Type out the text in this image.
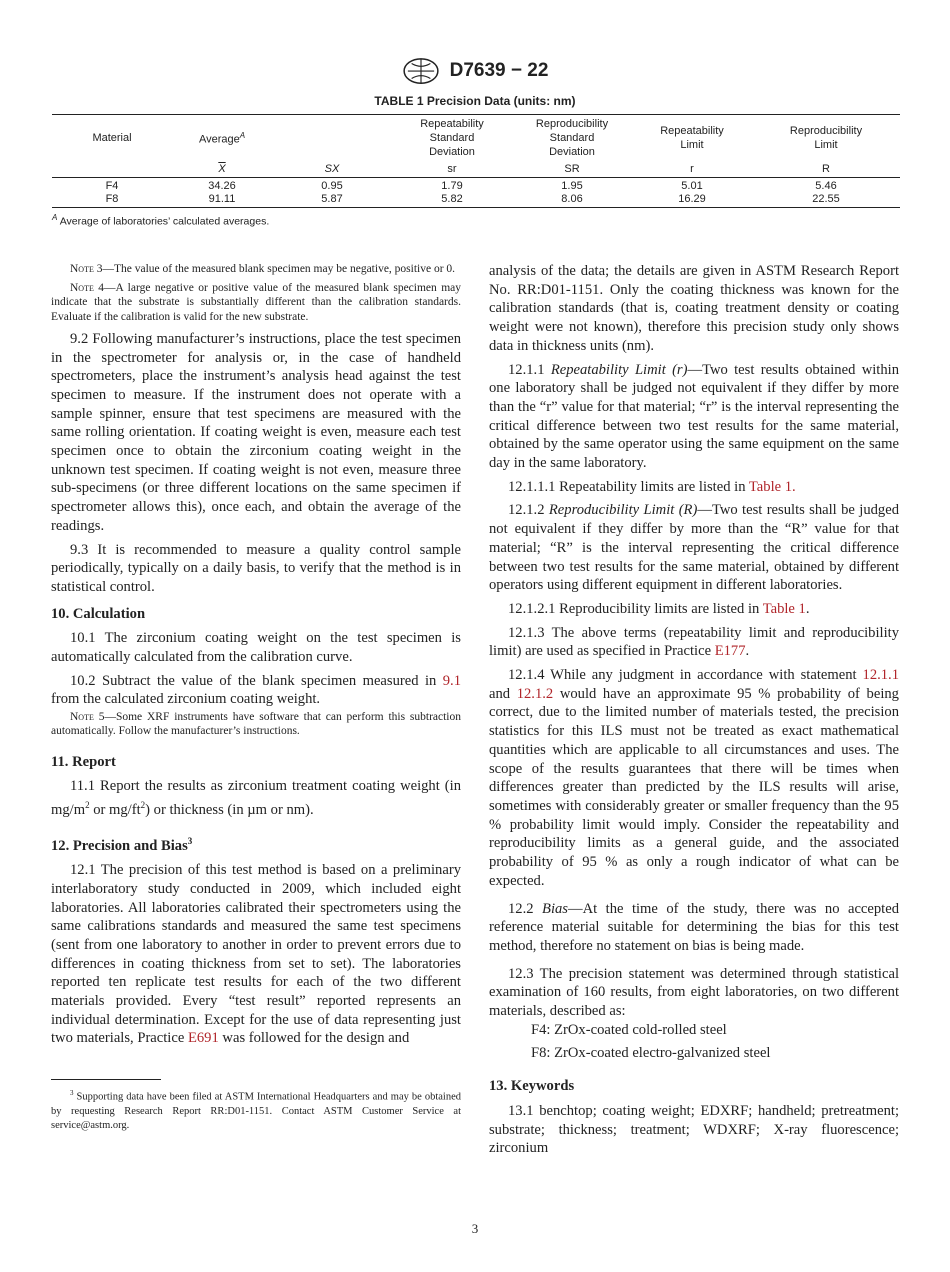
D7639 − 22
TABLE 1 Precision Data (units: nm)
Material	Average$^A$		Repeatability Standard Deviation	Reproducibility Standard Deviation	Repeatability Limit	Reproducibility Limit

	$\overline{X}$	SX	sr	SR	r	R
F4	34.26	0.95	1.79	1.95	5.01	5.46
F8	91.11	5.87	5.82	8.06	16.29	22.55
$^A$ Average of laboratories’ calculated averages.

Note 3—The value of the measured blank specimen may be negative, positive or 0.

Note 4—A large negative or positive value of the measured blank specimen may indicate that the substrate is substantially different than the calibration standards. Evaluate if the calibration is valid for the new substrate.

9.2 Following manufacturer’s instructions, place the test specimen in the spectrometer for analysis or, in the case of handheld spectrometers, place the instrument’s analysis head against the test specimen to measure. If the instrument does not operate with a sample spinner, ensure that test specimens are measured with the same rolling orientation. If coating weight is even, measure each test specimen once to obtain the zirconium coating weight in the unknown test specimen. If coating weight is not even, measure three sub-specimens (or three different locations on the same specimen if spectrometer allows this), once each, and obtain the average of the readings.

9.3 It is recommended to measure a quality control sample periodically, typically on a daily basis, to verify that the method is in statistical control.

10. Calculation

10.1 The zirconium coating weight on the test specimen is automatically calculated from the calibration curve.

10.2 Subtract the value of the blank specimen measured in 9.1 from the calculated zirconium coating weight.

Note 5—Some XRF instruments have software that can perform this subtraction automatically. Follow the manufacturer’s instructions.

11. Report

11.1 Report the results as zirconium treatment coating weight (in $mg/m^2$ or $mg/ft^2$) or thickness (in µm or nm).

12. Precision and Bias$^3$

12.1 The precision of this test method is based on a preliminary interlaboratory study conducted in 2009, which included eight laboratories. All laboratories calibrated their spectrometers using the same calibrations standards and measured the same test specimens (sent from one laboratory to another in order to prevent errors due to differences in coating thickness from set to set). The laboratories reported ten replicate test results for each of the two different materials provided. Every “test result” reported represents an individual determination. Except for the use of data representing just two materials, Practice E691 was followed for the design and

$^3$ Supporting data have been filed at ASTM International Headquarters and may be obtained by requesting Research Report RR:D01-1151. Contact ASTM Customer Service at service@astm.org.

analysis of the data; the details are given in ASTM Research Report No. RR:D01-1151. Only the coating thickness was known for the calibration standards (that is, coating treatment density or coating weight were not known), therefore this precision study only shows data in thickness units (nm).

12.1.1 Repeatability Limit (r)—Two test results obtained within one laboratory shall be judged not equivalent if they differ by more than the “r” value for that material; “r” is the interval representing the critical difference between two test results for the same material, obtained by the same operator using the same equipment on the same day in the same laboratory.

12.1.1.1 Repeatability limits are listed in Table 1.

12.1.2 Reproducibility Limit (R)—Two test results shall be judged not equivalent if they differ by more than the “R” value for that material; “R” is the interval representing the critical difference between two test results for the same material, obtained by different operators using different equipment in different laboratories.

12.1.2.1 Reproducibility limits are listed in Table 1.

12.1.3 The above terms (repeatability limit and reproducibility limit) are used as specified in Practice E177.

12.1.4 While any judgment in accordance with statement 12.1.1 and 12.1.2 would have an approximate 95 % probability of being correct, due to the limited number of materials tested, the precision statistics for this ILS must not be treated as exact mathematical quantities which are applicable to all circumstances and uses. The scope of the results guarantees that there will be times when differences greater than predicted by the ILS results will arise, sometimes with considerably greater or smaller frequency than the 95 % probability limit would imply. Consider the repeatability and reproducibility limits as a general guide, and the associated probability of 95 % as only a rough indicator of what can be expected.

12.2 Bias—At the time of the study, there was no accepted reference material suitable for determining the bias for this test method, therefore no statement on bias is being made.

12.3 The precision statement was determined through statistical examination of 160 results, from eight laboratories, on two different materials, described as:

F4: ZrOx-coated cold-rolled steel

F8: ZrOx-coated electro-galvanized steel

13. Keywords

13.1 benchtop; coating weight; EDXRF; handheld; pretreatment; substrate; thickness; treatment; WDXRF; X-ray fluorescence; zirconium

3
